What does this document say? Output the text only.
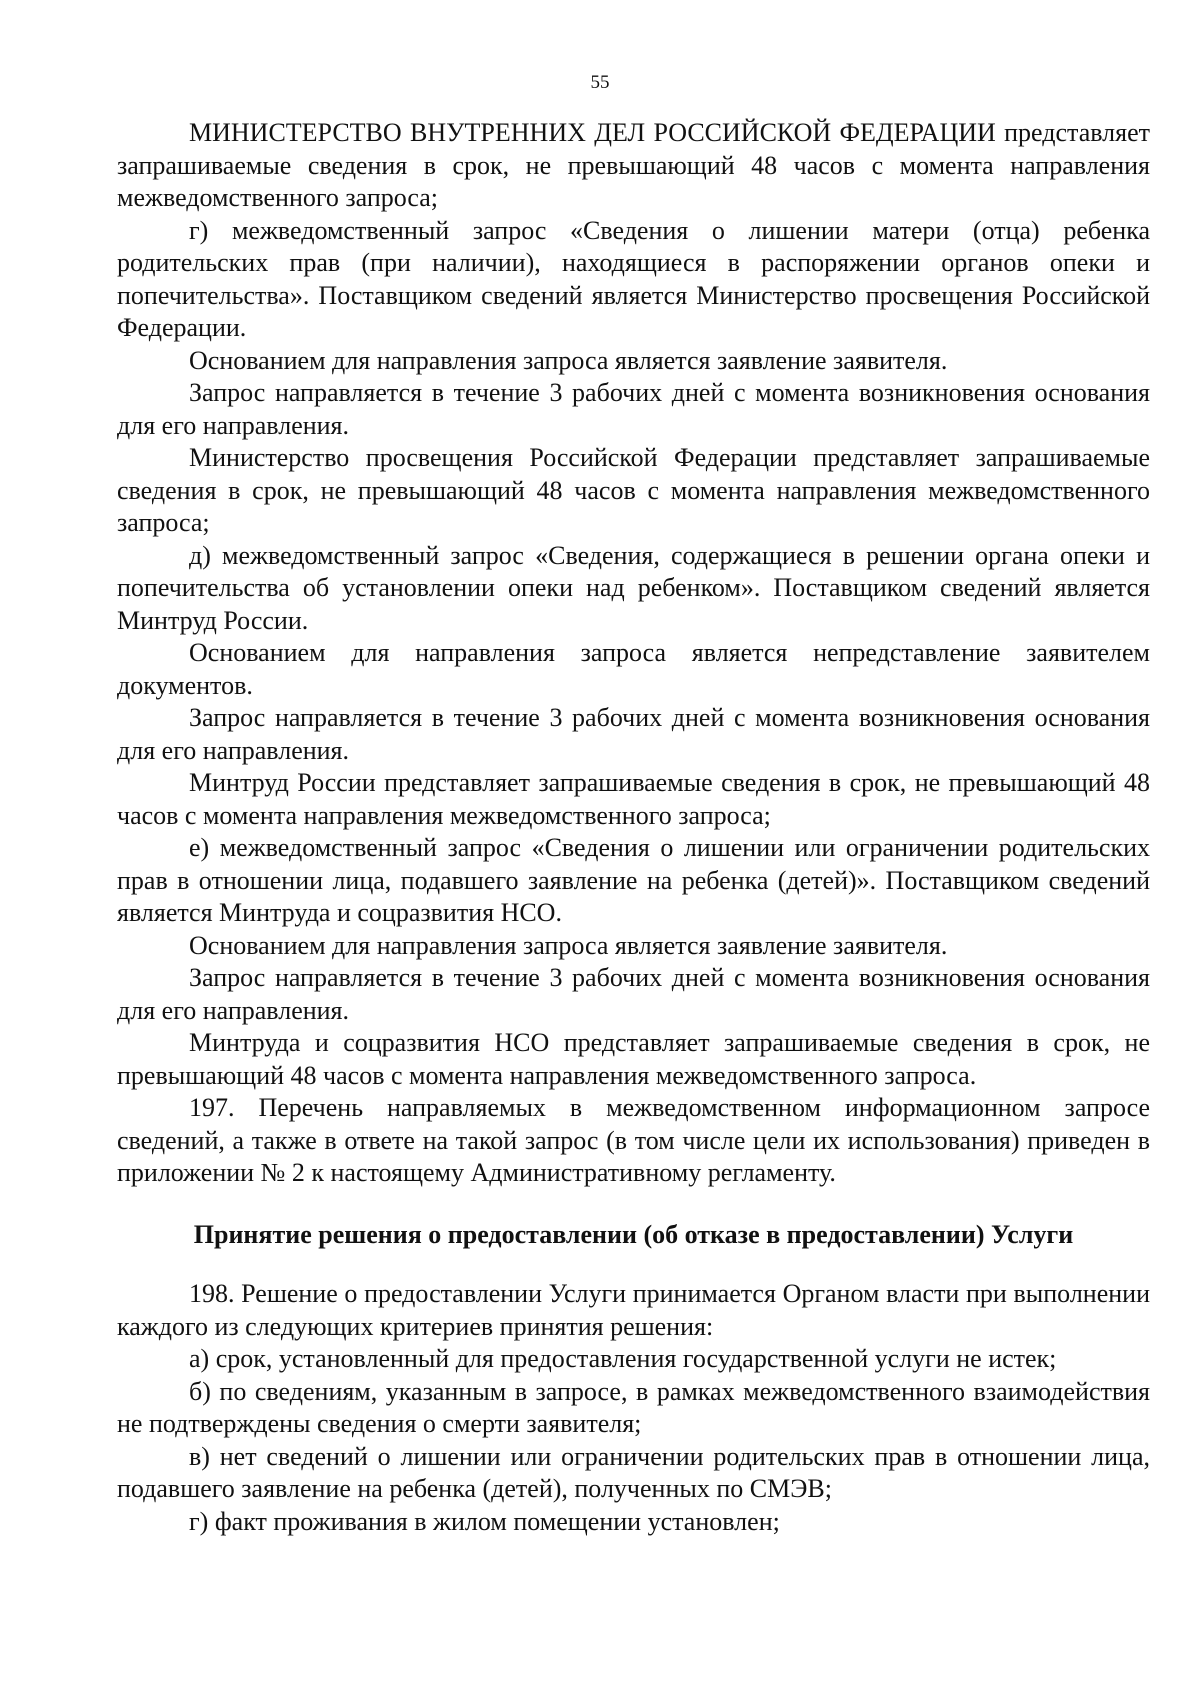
55

МИНИСТЕРСТВО ВНУТРЕННИХ ДЕЛ РОССИЙСКОЙ ФЕДЕРАЦИИ представляет запрашиваемые сведения в срок, не превышающий 48 часов с момента направления межведомственного запроса;

г) межведомственный запрос «Сведения о лишении матери (отца) ребенка родительских прав (при наличии), находящиеся в распоряжении органов опеки и попечительства». Поставщиком сведений является Министерство просвещения Российской Федерации.

Основанием для направления запроса является заявление заявителя.

Запрос направляется в течение 3 рабочих дней с момента возникновения основания для его направления.

Министерство просвещения Российской Федерации представляет запрашиваемые сведения в срок, не превышающий 48 часов с момента направления межведомственного запроса;

д) межведомственный запрос «Сведения, содержащиеся в решении органа опеки и попечительства об установлении опеки над ребенком». Поставщиком сведений является Минтруд России.

Основанием для направления запроса является непредставление заявителем документов.

Запрос направляется в течение 3 рабочих дней с момента возникновения основания для его направления.

Минтруд России представляет запрашиваемые сведения в срок, не превышающий 48 часов с момента направления межведомственного запроса;

е) межведомственный запрос «Сведения о лишении или ограничении родительских прав в отношении лица, подавшего заявление на ребенка (детей)». Поставщиком сведений является Минтруда и соцразвития НСО.

Основанием для направления запроса является заявление заявителя.

Запрос направляется в течение 3 рабочих дней с момента возникновения основания для его направления.

Минтруда и соцразвития НСО представляет запрашиваемые сведения в срок, не превышающий 48 часов с момента направления межведомственного запроса.

197. Перечень направляемых в межведомственном информационном запросе сведений, а также в ответе на такой запрос (в том числе цели их использования) приведен в приложении № 2 к настоящему Административному регламенту.

Принятие решения о предоставлении (об отказе в предоставлении) Услуги

198. Решение о предоставлении Услуги принимается Органом власти при выполнении каждого из следующих критериев принятия решения:

а) срок, установленный для предоставления государственной услуги не истек;

б) по сведениям, указанным в запросе, в рамках межведомственного взаимодействия не подтверждены сведения о смерти заявителя;

в) нет сведений о лишении или ограничении родительских прав в отношении лица, подавшего заявление на ребенка (детей), полученных по СМЭВ;

г) факт проживания в жилом помещении установлен;
